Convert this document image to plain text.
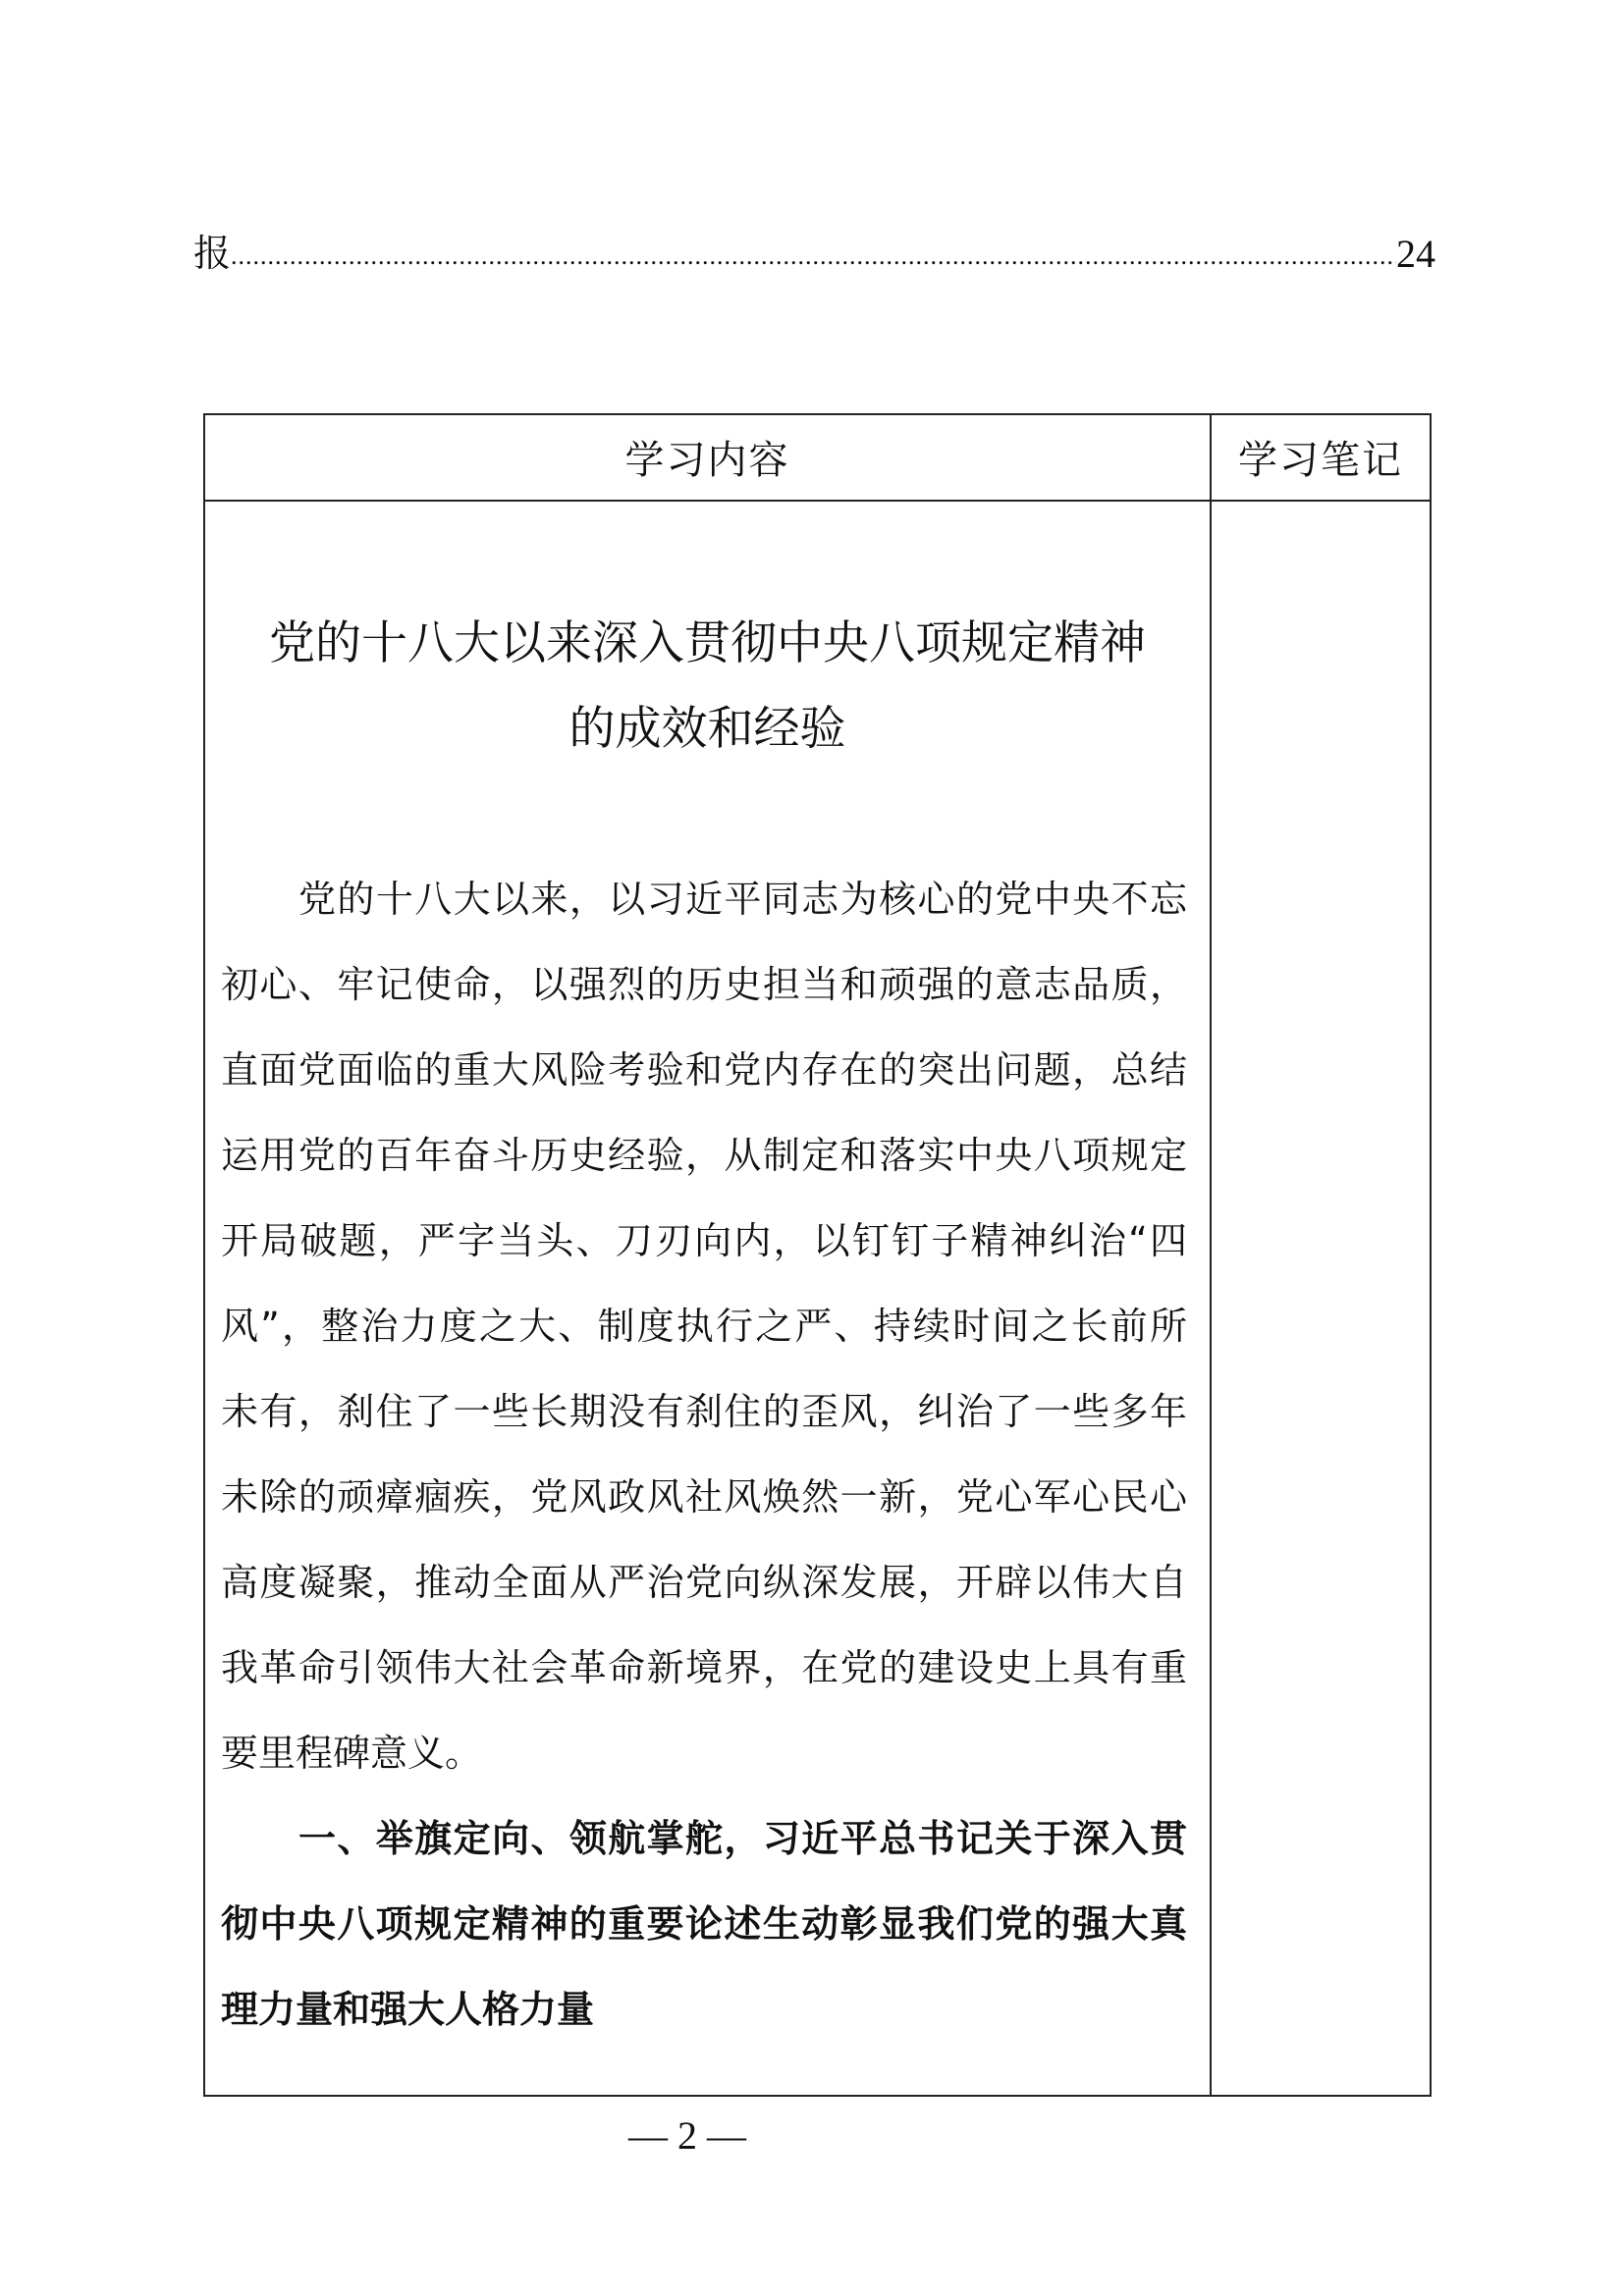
报 .....	24
学习内容	学习笔记
党的十八大以来深入贯彻中央八项规定精神
的成效和经验
党的十八大以来，以习近平同志为核心的党中央不忘
初心、牢记使命，以强烈的历史担当和顽强的意志品质，
直面党面临的重大风险考验和党内存在的突出问题，总结
运用党的百年奋斗历史经验，从制定和落实中央八项规定
开局破题，严字当头、刀刃向内，以钉钉子精神纠治“四
风”，整治力度之大、制度执行之严、持续时间之长前所
未有，刹住了一些长期没有刹住的歪风，纠治了一些多年
未除的顽瘴痼疾，党风政风社风焕然一新，党心军心民心
高度凝聚，推动全面从严治党向纵深发展，开辟以伟大自
我革命引领伟大社会革命新境界，在党的建设史上具有重
要里程碑意义。
一、举旗定向、领航掌舵，习近平总书记关于深入贯
彻中央八项规定精神的重要论述生动彰显我们党的强大真
理力量和强大人格力量
— 2 —
